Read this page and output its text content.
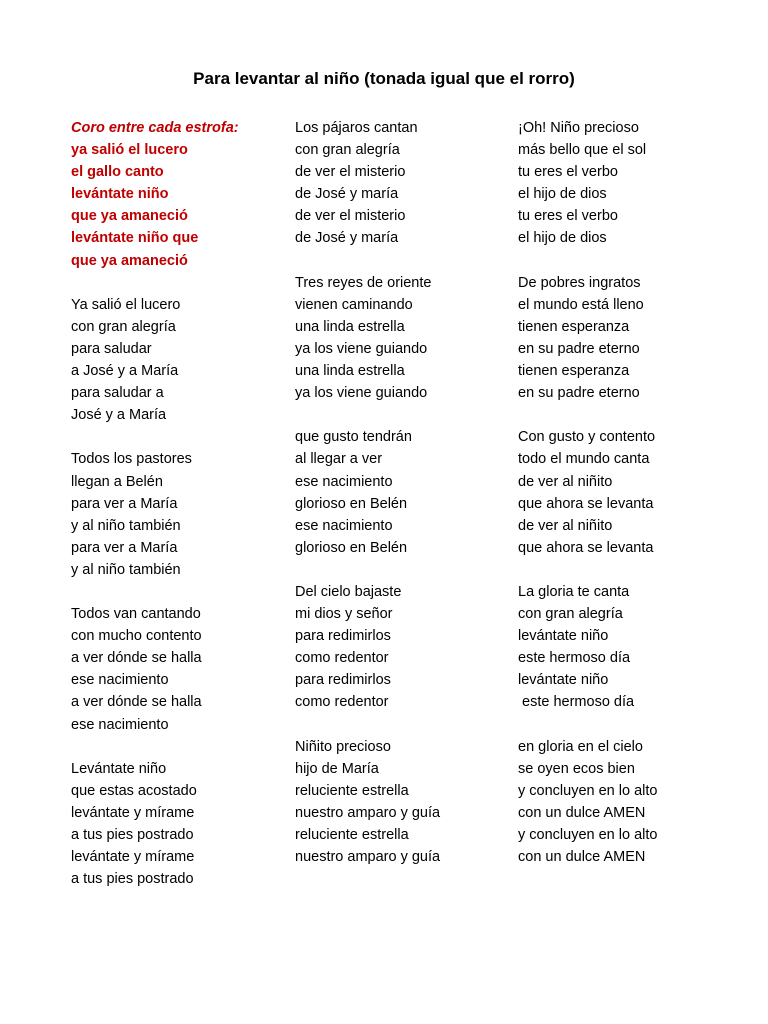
Para levantar al niño (tonada igual que el rorro)
Coro entre cada estrofa:
ya salió el lucero
el gallo canto
levántate niño
que ya amaneció
levántate niño que
que ya amaneció
Ya salió el lucero
con gran alegría
para saludar
a José y a María
para saludar a
José y a María
Todos los pastores
llegan a Belén
para ver a María
y al niño también
para ver a María
y al niño también
Todos van cantando
con mucho contento
a ver dónde se halla
ese nacimiento
a ver dónde se halla
ese nacimiento
Levántate niño
que estas acostado
levántate y mírame
a tus pies postrado
levántate y mírame
a tus pies postrado
Los pájaros cantan
con gran alegría
de ver el misterio
de José y maría
de ver el misterio
de José y maría
Tres reyes de oriente
vienen caminando
una linda estrella
ya los viene guiando
una linda estrella
ya los viene guiando
que gusto tendrán
al llegar a ver
ese nacimiento
glorioso en Belén
ese nacimiento
glorioso en Belén
Del cielo bajaste
mi dios y señor
para redimirlos
como redentor
para redimirlos
como redentor
Niñito precioso
hijo de María
reluciente estrella
nuestro amparo y guía
reluciente estrella
nuestro amparo y guía
¡Oh! Niño precioso
más bello que el sol
tu eres el verbo
el hijo de dios
tu eres el verbo
el hijo de dios
De pobres ingratos
el mundo está lleno
tienen esperanza
en su padre eterno
tienen esperanza
en su padre eterno
Con gusto y contento
todo el mundo canta
de ver al niñito
que ahora se levanta
de ver al niñito
que ahora se levanta
La gloria te canta
con gran alegría
levántate niño
este hermoso día
levántate niño
este hermoso día
en gloria en el cielo
se oyen ecos bien
y concluyen en lo alto
con un dulce AMEN
y concluyen en lo alto
con un dulce AMEN
